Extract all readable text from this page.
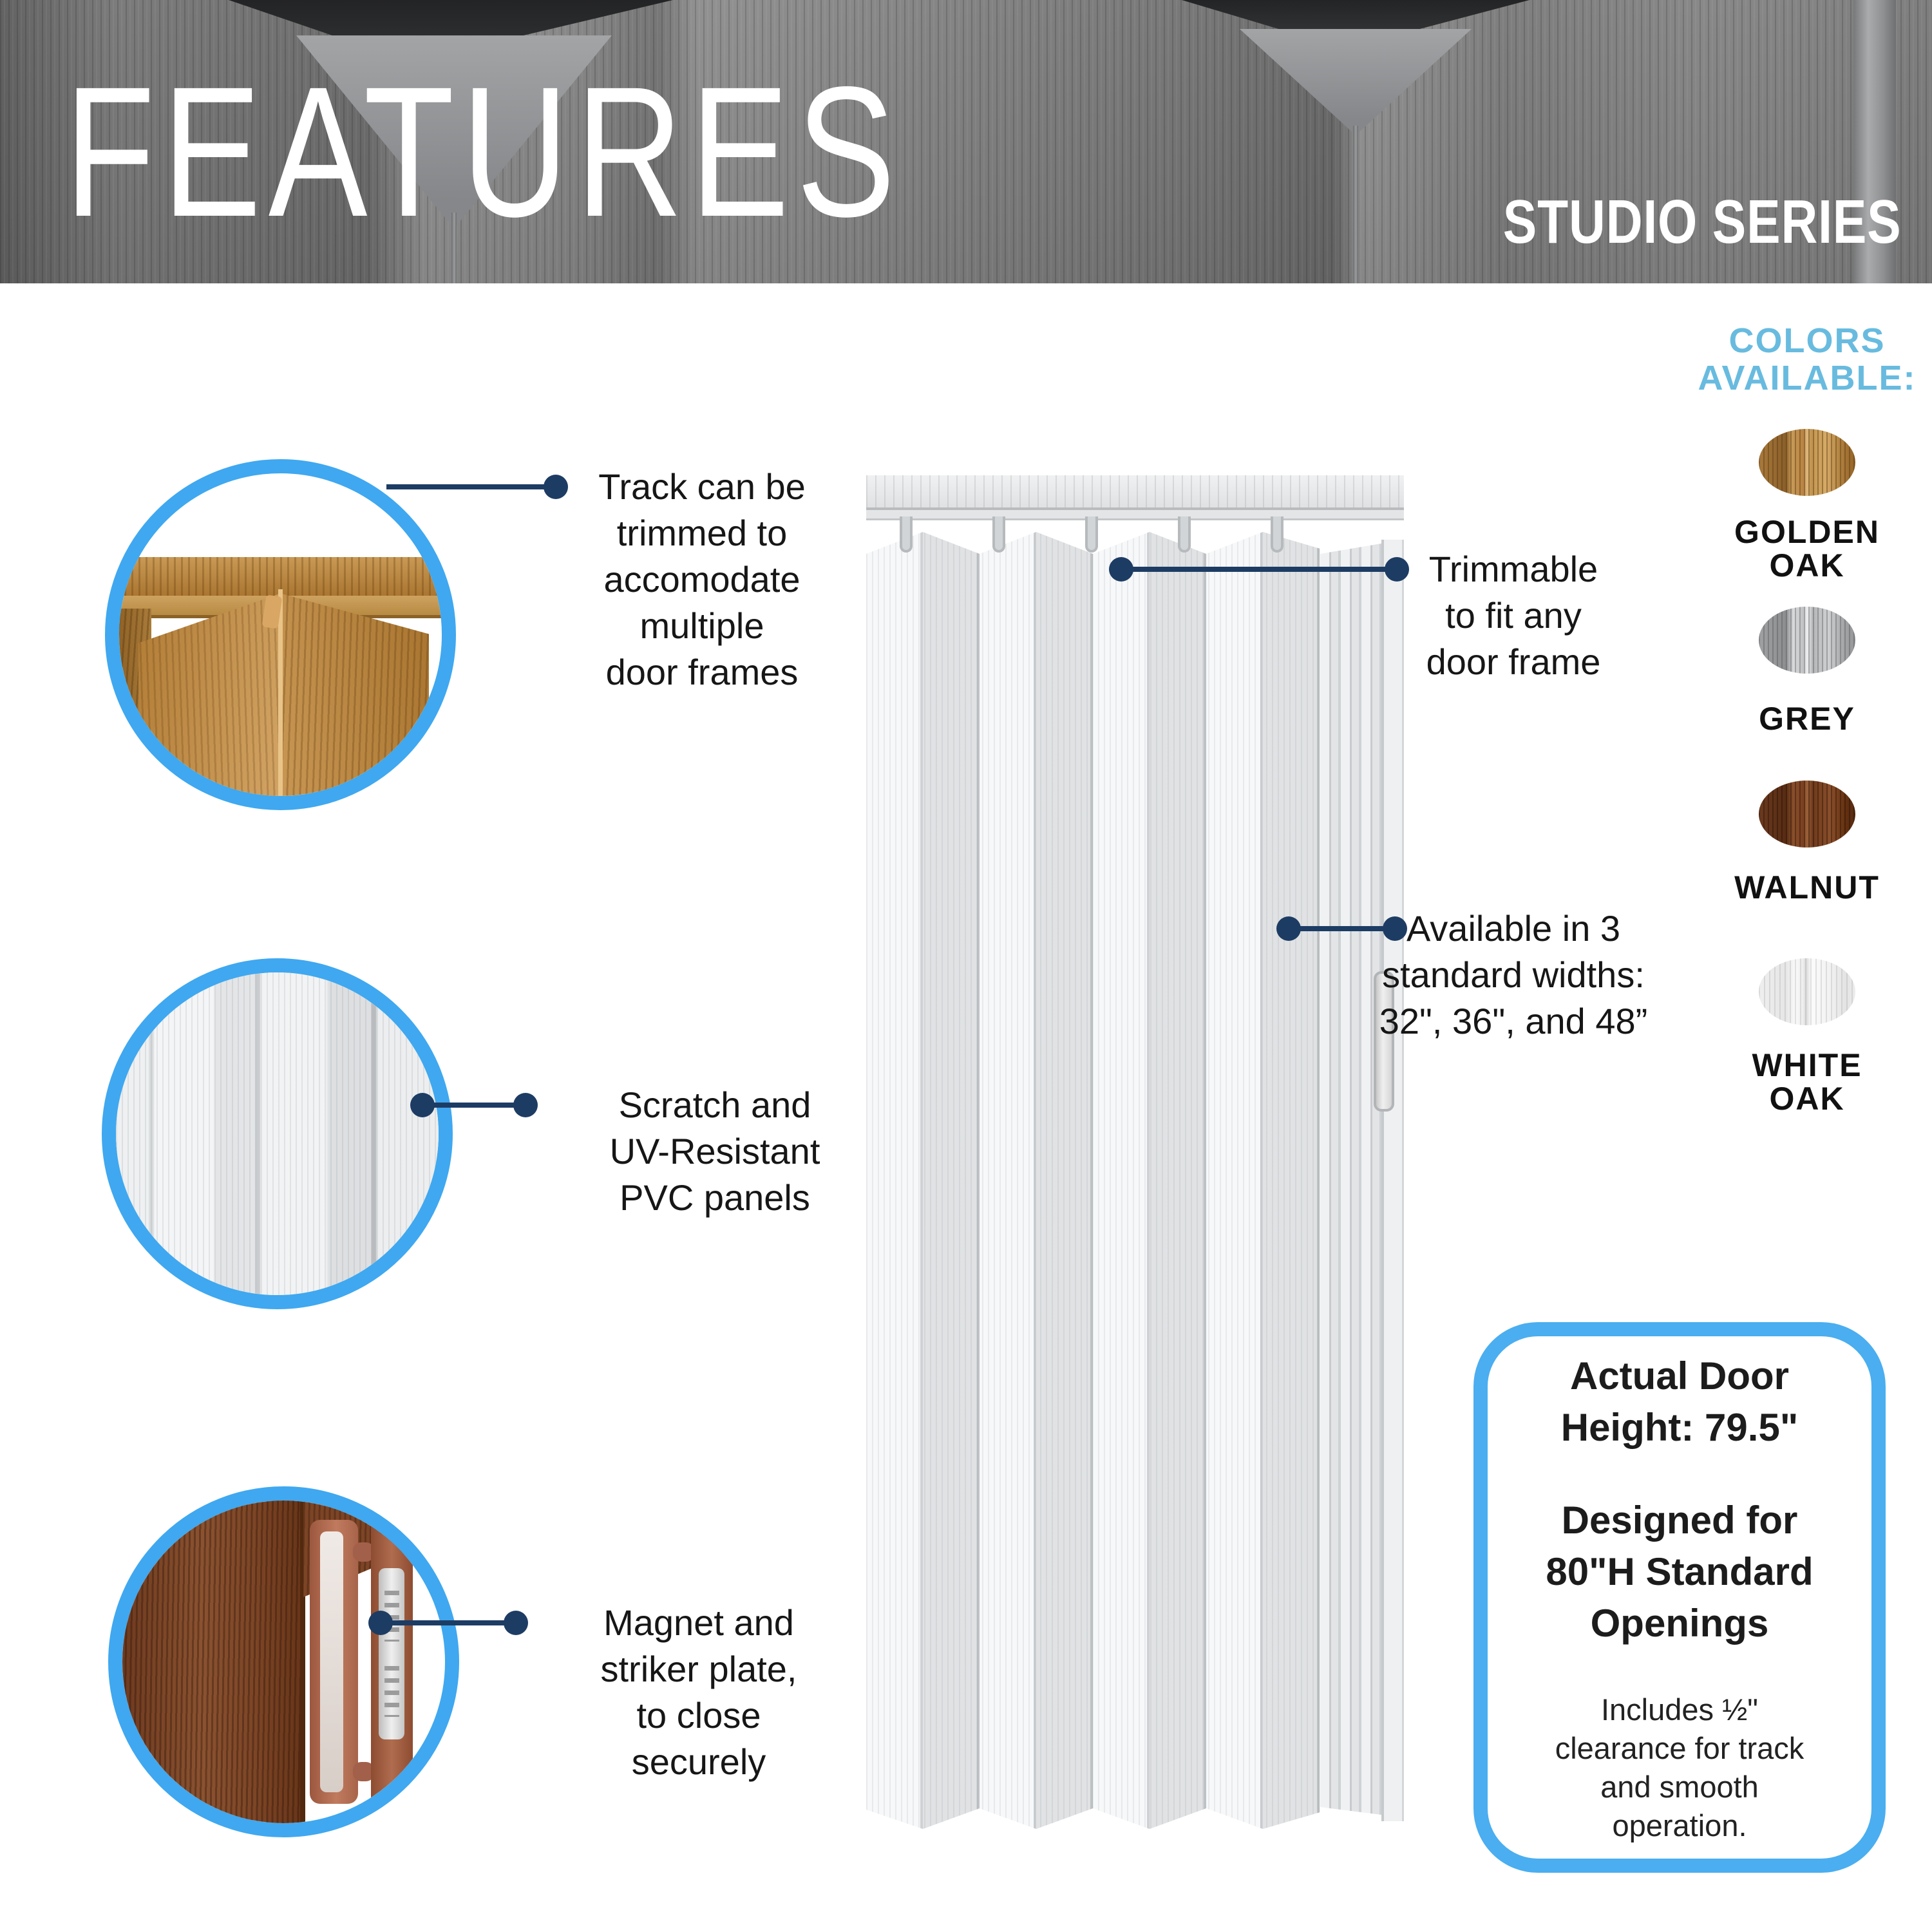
FEATURES	STUDIO SERIES
Track can be
trimmed to
accomodate
multiple
door frames
Scratch and
UV-Resistant
PVC panels
Magnet and
striker plate,
to close
securely
Trimmable
to fit any
door frame
Available in 3
standard widths:
32", 36", and 48”
COLORS
AVAILABLE:
GOLDEN
OAK
GREY
WALNUT
WHITE
OAK
Actual Door
Height: 79.5"
Designed for
80"H Standard
Openings
Includes ½"
clearance for track
and smooth
operation.
